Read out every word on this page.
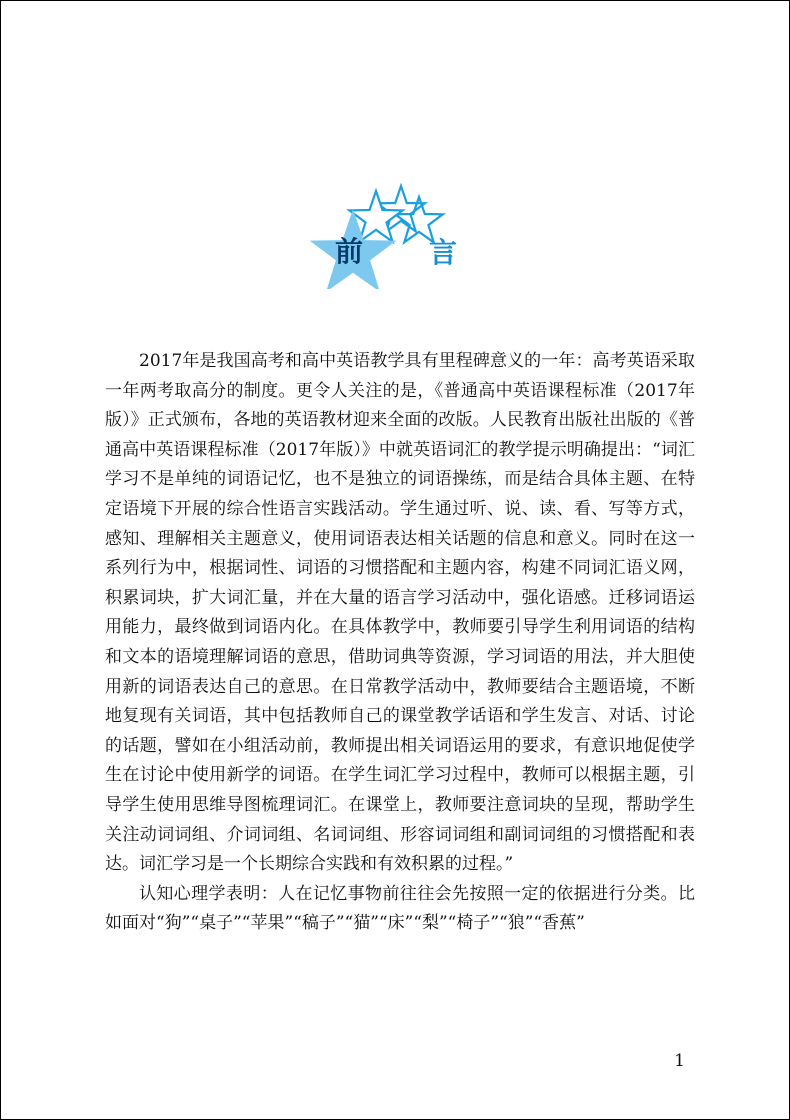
前 言

2017年是我国高考和高中英语教学具有里程碑意义的一年：高考英语采取一年两考取高分的制度。更令人关注的是，《普通高中英语课程标准（2017年版）》正式颁布，各地的英语教材迎来全面的改版。人民教育出版社出版的《普通高中英语课程标准（2017年版）》中就英语词汇的教学提示明确提出：“词汇学习不是单纯的词语记忆，也不是独立的词语操练，而是结合具体主题、在特定语境下开展的综合性语言实践活动。学生通过听、说、读、看、写等方式，感知、理解相关主题意义，使用词语表达相关话题的信息和意义。同时在这一系列行为中，根据词性、词语的习惯搭配和主题内容，构建不同词汇语义网，积累词块，扩大词汇量，并在大量的语言学习活动中，强化语感。迁移词语运用能力，最终做到词语内化。在具体教学中，教师要引导学生利用词语的结构和文本的语境理解词语的意思，借助词典等资源，学习词语的用法，并大胆使用新的词语表达自己的意思。在日常教学活动中，教师要结合主题语境，不断地复现有关词语，其中包括教师自己的课堂教学话语和学生发言、对话、讨论的话题，譬如在小组活动前，教师提出相关词语运用的要求，有意识地促使学生在讨论中使用新学的词语。在学生词汇学习过程中，教师可以根据主题，引导学生使用思维导图梳理词汇。在课堂上，教师要注意词块的呈现，帮助学生关注动词词组、介词词组、名词词组、形容词词组和副词词组的习惯搭配和表达。词汇学习是一个长期综合实践和有效积累的过程。”

认知心理学表明：人在记忆事物前往往会先按照一定的依据进行分类。比如面对“狗”“桌子”“苹果”“稿子”“猫”“床”“梨”“椅子”“狼”“香蕉”

1
